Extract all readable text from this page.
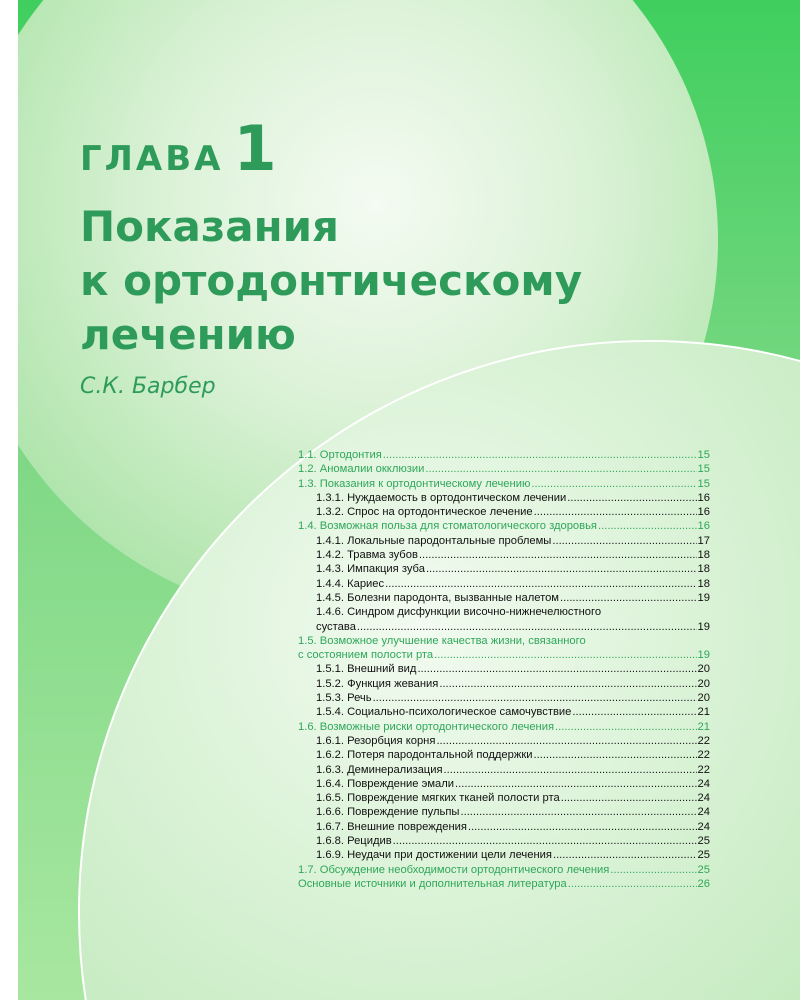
ГЛАВА 1
Показания
к ортодонтическому
лечению
С.К. Барбер
1.1. Ортодонтия .....	15
1.2. Аномалии окклюзии .....	15
1.3. Показания к ортодонтическому лечению .....	15
1.3.1. Нуждаемость в ортодонтическом лечении .....	16
1.3.2. Спрос на ортодонтическое лечение .....	16
1.4. Возможная польза для стоматологического здоровья .....	16
1.4.1. Локальные пародонтальные проблемы .....	17
1.4.2. Травма зубов .....	18
1.4.3. Импакция зуба .....	18
1.4.4. Кариес .....	18
1.4.5. Болезни пародонта, вызванные налетом .....	19
1.4.6. Синдром дисфункции височно-нижнечелюстного
сустава .....	19
1.5. Возможное улучшение качества жизни, связанного
с состоянием полости рта .....	19
1.5.1. Внешний вид .....	20
1.5.2. Функция жевания .....	20
1.5.3. Речь .....	20
1.5.4. Социально-психологическое самочувствие .....	21
1.6. Возможные риски ортодонтического лечения .....	21
1.6.1. Резорбция корня .....	22
1.6.2. Потеря пародонтальной поддержки .....	22
1.6.3. Деминерализация .....	22
1.6.4. Повреждение эмали .....	24
1.6.5. Повреждение мягких тканей полости рта .....	24
1.6.6. Повреждение пульпы .....	24
1.6.7. Внешние повреждения .....	24
1.6.8. Рецидив .....	25
1.6.9. Неудачи при достижении цели лечения .....	25
1.7. Обсуждение необходимости ортодонтического лечения .....	25
Основные источники и дополнительная литература .....	26
